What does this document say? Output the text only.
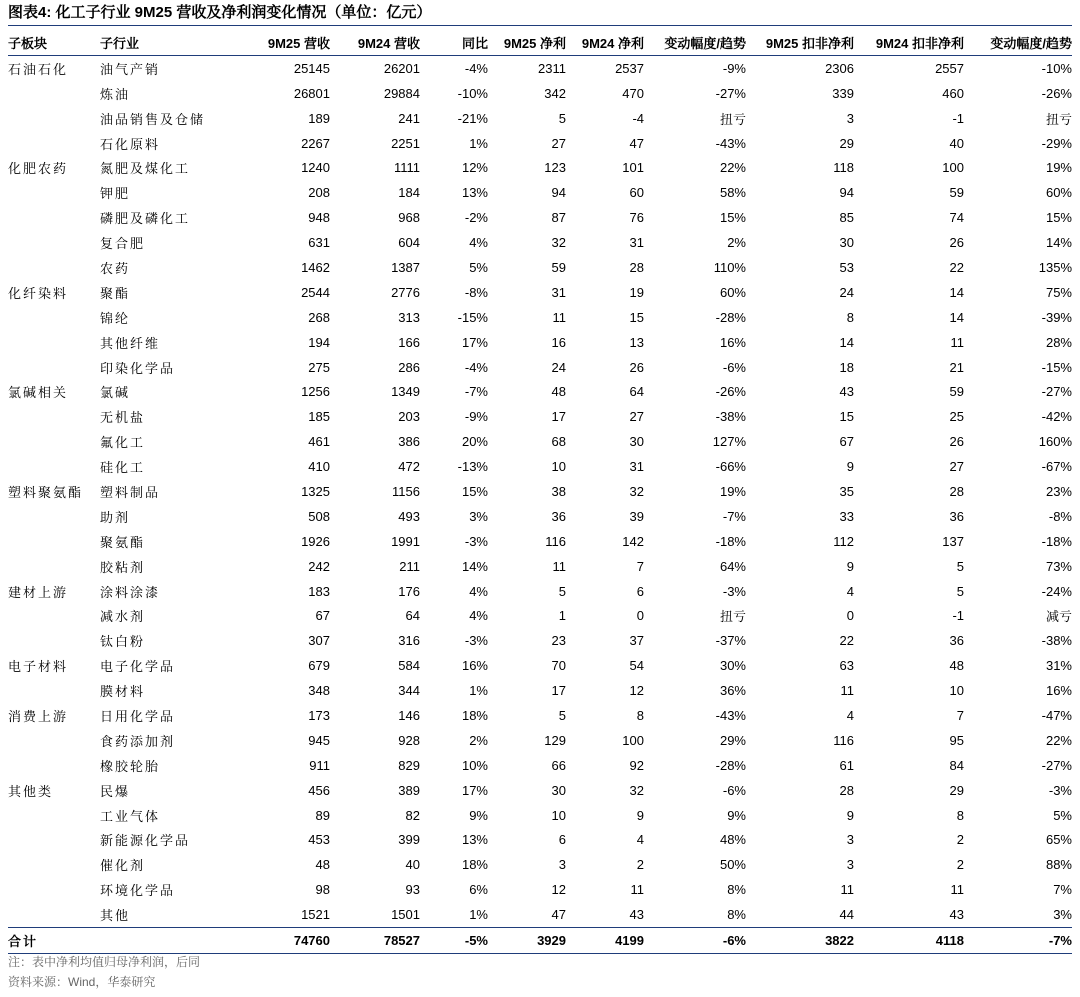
图表4: 化工子行业 9M25 营收及净利润变化情况（单位：亿元）
子板块	子行业	9M25 营收	9M24 营收	同比	9M25 净利	9M24 净利	变动幅度/趋势	9M25 扣非净利	9M24 扣非净利	变动幅度/趋势
石油石化	油气产销	25145	26201	-4%	2311	2537	-9%	2306	2557	-10%
	炼油	26801	29884	-10%	342	470	-27%	339	460	-26%
	油品销售及仓储	189	241	-21%	5	-4	扭亏	3	-1	扭亏
	石化原料	2267	2251	1%	27	47	-43%	29	40	-29%
化肥农药	氮肥及煤化工	1240	1111	12%	123	101	22%	118	100	19%
	钾肥	208	184	13%	94	60	58%	94	59	60%
	磷肥及磷化工	948	968	-2%	87	76	15%	85	74	15%
	复合肥	631	604	4%	32	31	2%	30	26	14%
	农药	1462	1387	5%	59	28	110%	53	22	135%
化纤染料	聚酯	2544	2776	-8%	31	19	60%	24	14	75%
	锦纶	268	313	-15%	11	15	-28%	8	14	-39%
	其他纤维	194	166	17%	16	13	16%	14	11	28%
	印染化学品	275	286	-4%	24	26	-6%	18	21	-15%
氯碱相关	氯碱	1256	1349	-7%	48	64	-26%	43	59	-27%
	无机盐	185	203	-9%	17	27	-38%	15	25	-42%
	氟化工	461	386	20%	68	30	127%	67	26	160%
	硅化工	410	472	-13%	10	31	-66%	9	27	-67%
塑料聚氨酯	塑料制品	1325	1156	15%	38	32	19%	35	28	23%
	助剂	508	493	3%	36	39	-7%	33	36	-8%
	聚氨酯	1926	1991	-3%	116	142	-18%	112	137	-18%
	胶粘剂	242	211	14%	11	7	64%	9	5	73%
建材上游	涂料涂漆	183	176	4%	5	6	-3%	4	5	-24%
	减水剂	67	64	4%	1	0	扭亏	0	-1	减亏
	钛白粉	307	316	-3%	23	37	-37%	22	36	-38%
电子材料	电子化学品	679	584	16%	70	54	30%	63	48	31%
	膜材料	348	344	1%	17	12	36%	11	10	16%
消费上游	日用化学品	173	146	18%	5	8	-43%	4	7	-47%
	食药添加剂	945	928	2%	129	100	29%	116	95	22%
	橡胶轮胎	911	829	10%	66	92	-28%	61	84	-27%
其他类	民爆	456	389	17%	30	32	-6%	28	29	-3%
	工业气体	89	82	9%	10	9	9%	9	8	5%
	新能源化学品	453	399	13%	6	4	48%	3	2	65%
	催化剂	48	40	18%	3	2	50%	3	2	88%
	环境化学品	98	93	6%	12	11	8%	11	11	7%
	其他	1521	1501	1%	47	43	8%	44	43	3%
合计		74760	78527	-5%	3929	4199	-6%	3822	4118	-7%
注：表中净利均值归母净利润，后同
资料来源：Wind，华泰研究
